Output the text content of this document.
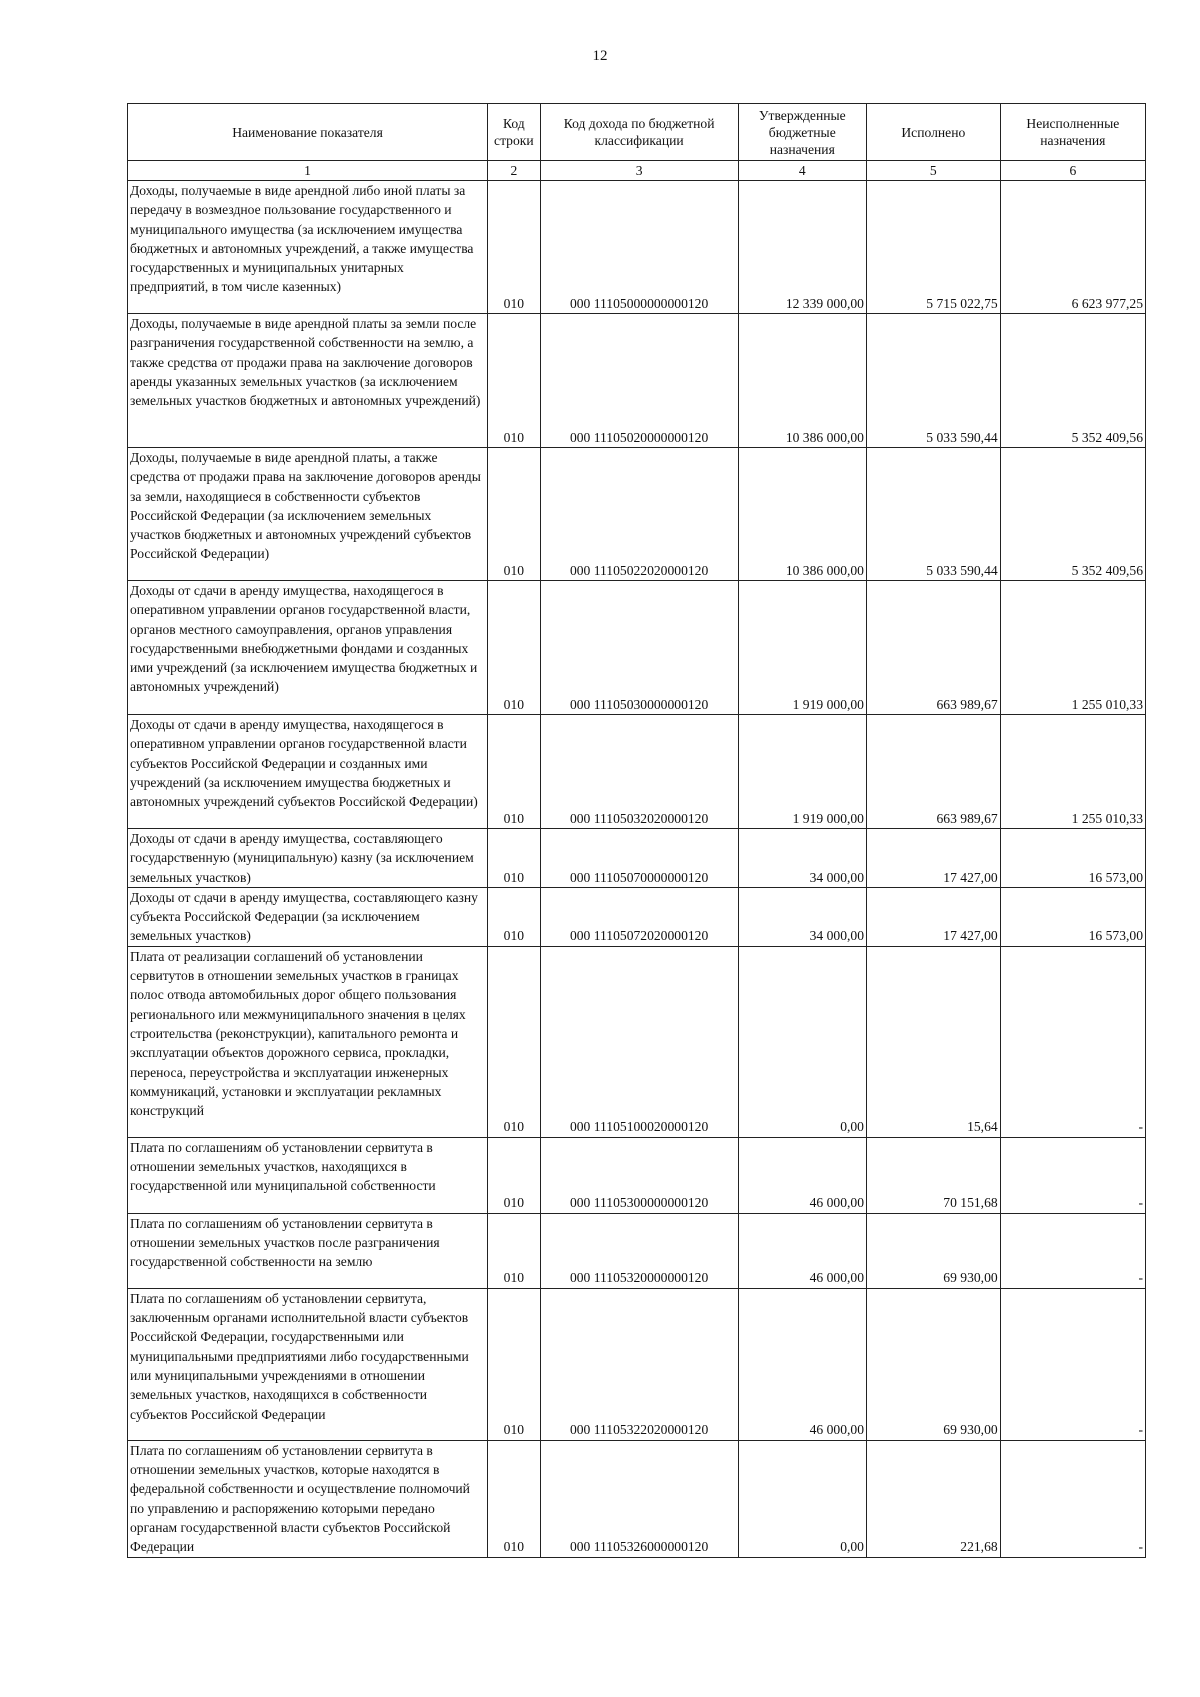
12
Наименование показателя	Код строки	Код дохода по бюджетной классификации	Утвержденные бюджетные назначения	Исполнено	Неисполненные назначения
1	2	3	4	5	6
Доходы, получаемые в виде арендной либо иной платы за передачу в возмездное пользование государственного и муниципального имущества (за исключением имущества бюджетных и автономных учреждений, а также имущества государственных и муниципальных унитарных предприятий, в том числе казенных)	010	000 11105000000000120	12 339 000,00	5 715 022,75	6 623 977,25
Доходы, получаемые в виде арендной платы за земли после разграничения государственной собственности на землю, а также средства от продажи права на заключение договоров аренды указанных земельных участков (за исключением земельных участков бюджетных и автономных учреждений)	010	000 11105020000000120	10 386 000,00	5 033 590,44	5 352 409,56
Доходы, получаемые в виде арендной платы, а также средства от продажи права на заключение договоров аренды за земли, находящиеся в собственности субъектов Российской Федерации (за исключением земельных участков бюджетных и автономных учреждений субъектов Российской Федерации)	010	000 11105022020000120	10 386 000,00	5 033 590,44	5 352 409,56
Доходы от сдачи в аренду имущества, находящегося в оперативном управлении органов государственной власти, органов местного самоуправления, органов управления государственными внебюджетными фондами и созданных ими учреждений (за исключением имущества бюджетных и автономных учреждений)	010	000 11105030000000120	1 919 000,00	663 989,67	1 255 010,33
Доходы от сдачи в аренду имущества, находящегося в оперативном управлении органов государственной власти субъектов Российской Федерации и созданных ими учреждений (за исключением имущества бюджетных и автономных учреждений субъектов Российской Федерации)	010	000 11105032020000120	1 919 000,00	663 989,67	1 255 010,33
Доходы от сдачи в аренду имущества, составляющего государственную (муниципальную) казну (за исключением земельных участков)	010	000 11105070000000120	34 000,00	17 427,00	16 573,00
Доходы от сдачи в аренду имущества, составляющего казну субъекта Российской Федерации (за исключением земельных участков)	010	000 11105072020000120	34 000,00	17 427,00	16 573,00
Плата от реализации соглашений об установлении сервитутов в отношении земельных участков в границах полос отвода автомобильных дорог общего пользования регионального или межмуниципального значения в целях строительства (реконструкции), капитального ремонта и эксплуатации объектов дорожного сервиса, прокладки, переноса, переустройства и эксплуатации инженерных коммуникаций, установки и эксплуатации рекламных конструкций	010	000 11105100020000120	0,00	15,64	-
Плата по соглашениям об установлении сервитута в отношении земельных участков, находящихся в государственной или муниципальной собственности	010	000 11105300000000120	46 000,00	70 151,68	-
Плата по соглашениям об установлении сервитута в отношении земельных участков после разграничения государственной собственности на землю	010	000 11105320000000120	46 000,00	69 930,00	-
Плата по соглашениям об установлении сервитута, заключенным органами исполнительной власти субъектов Российской Федерации, государственными или муниципальными предприятиями либо государственными или муниципальными учреждениями в отношении земельных участков, находящихся в собственности субъектов Российской Федерации	010	000 11105322020000120	46 000,00	69 930,00	-
Плата по соглашениям об установлении сервитута в отношении земельных участков, которые находятся в федеральной собственности и осуществление полномочий по управлению и распоряжению которыми передано органам государственной власти субъектов Российской Федерации	010	000 11105326000000120	0,00	221,68	-
